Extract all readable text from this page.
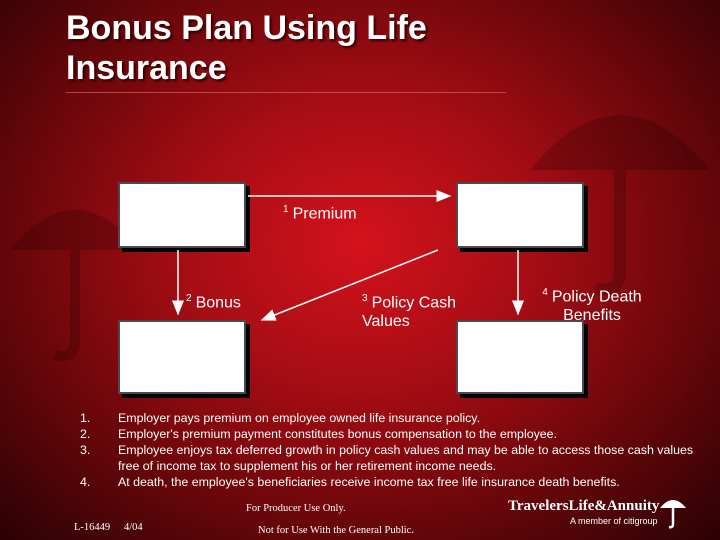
Bonus Plan Using Life Insurance
Employer	Life Insurance Policy
Employee	Beneficiaries
$^1$ Premium
$^2$ Bonus	$^3$ Policy Cash Values
$^4$ Policy Death Benefits
1. Employer pays premium on employee owned life insurance policy.
2. Employer's premium payment constitutes bonus compensation to the employee.
3. Employee enjoys tax deferred growth in policy cash values and may be able to access those cash values free of income tax to supplement his or her retirement income needs.
4. At death, the employee's beneficiaries receive income tax free life insurance death benefits.
For Producer Use Only.
L-16449 4/04	Not for Use With the General Public.
TravelersLife&Annuity
A member of citigroup
